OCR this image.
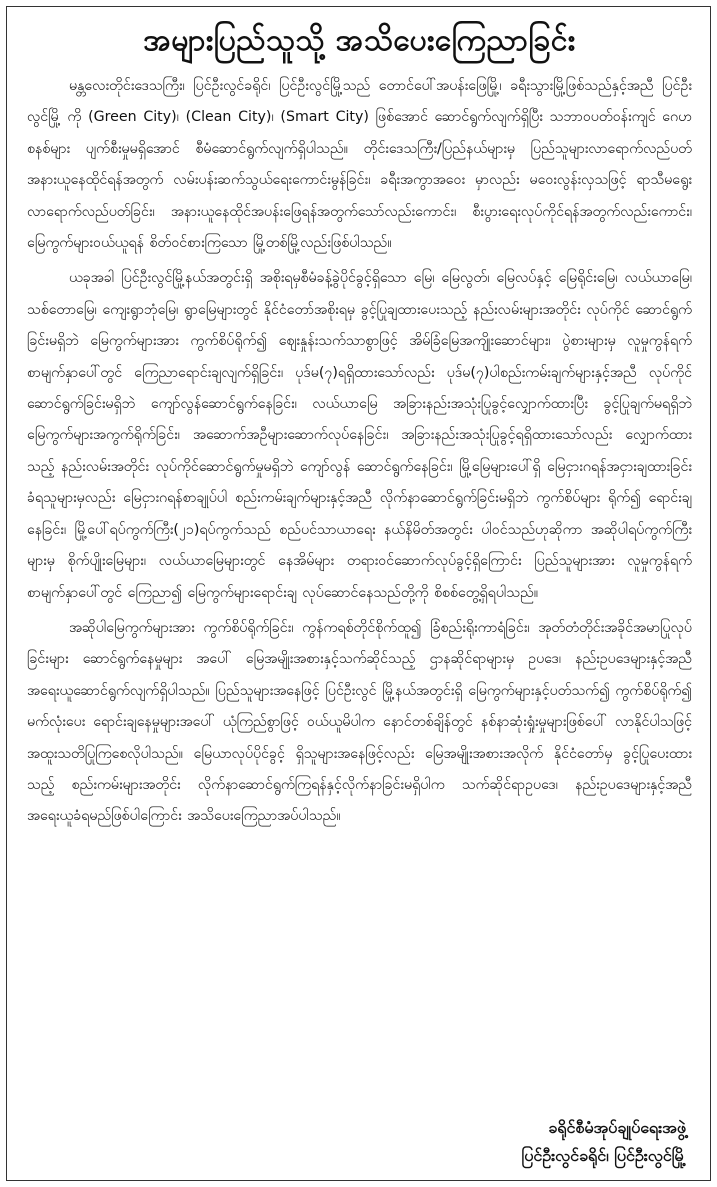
အများပြည်သူသို့ အသိပေးကြေညာခြင်း

မန္တလေးတိုင်းဒေသကြီး၊ ပြင်ဦးလွင်ခရိုင်၊ ပြင်ဦးလွင်မြို့သည် တောင်ပေါ်အပန်းဖြေမြို့၊ ခရီးသွားမြို့ဖြစ်သည်နှင့်အညီ ပြင်ဦးလွင်မြို့ ကို (Green City)၊ (Clean City)၊ (Smart City) ဖြစ်အောင် ဆောင်ရွက်လျက်ရှိပြီး သဘာဝပတ်ဝန်းကျင် ဂေဟစနစ်များ ပျက်စီးမှုမရှိအောင် စီမံဆောင်ရွက်လျက်ရှိပါသည်။ တိုင်းဒေသကြီး/ပြည်နယ်များမှ ပြည်သူများလာရောက်လည်ပတ်အနားယူနေထိုင်ရန်အတွက် လမ်းပန်းဆက်သွယ်ရေးကောင်းမွန်ခြင်း၊ ခရီးအကွာအဝေး မှာလည်း မဝေးလွန်းလှသဖြင့် ရာသီမရွေး လာရောက်လည်ပတ်ခြင်း၊ အနားယူနေထိုင်အပန်းဖြေရန်အတွက်သော်လည်းကောင်း၊ စီးပွားရေးလုပ်ကိုင်ရန်အတွက်လည်းကောင်း၊ မြေကွက်များဝယ်ယူရန် စိတ်ဝင်စားကြသော မြို့တစ်မြို့လည်းဖြစ်ပါသည်။

ယခုအခါ ပြင်ဦးလွင်မြို့နယ်အတွင်းရှိ အစိုးရမှစီမံခန့်ခွဲပိုင်ခွင့်ရှိသော မြေ၊ မြေလွတ်၊ မြေလပ်နှင့် မြေရိုင်းမြေ၊ လယ်ယာမြေ၊ သစ်တောမြေ၊ ကျေးရွာဘုံမြေ၊ ရွာမြေများတွင် နိုင်ငံတော်အစိုးရမှ ခွင့်ပြုချထားပေးသည့် နည်းလမ်းများအတိုင်း လုပ်ကိုင် ဆောင်ရွက်ခြင်းမရှိဘဲ မြေကွက်များအား ကွက်စိပ်ရိုက်၍ ဈေးနှုန်းသက်သာစွာဖြင့် အိမ်ခြံမြေအကျိုးဆောင်များ၊ ပွဲစားများမှ လူမှုကွန်ရက်စာမျက်နှာပေါ်တွင် ကြေညာရောင်းချလျက်ရှိခြင်း၊ ပုဒ်မ(၇)ရရှိထားသော်လည်း ပုဒ်မ(၇)ပါစည်းကမ်းချက်များနှင့်အညီ လုပ်ကိုင်ဆောင်ရွက်ခြင်းမရှိဘဲ ကျော်လွန်ဆောင်ရွက်နေခြင်း၊ လယ်ယာမြေ အခြားနည်းအသုံးပြုခွင့်လျှောက်ထားပြီး ခွင့်ပြုချက်မရရှိဘဲ မြေကွက်များအကွက်ရိုက်ခြင်း၊ အဆောက်အဦများဆောက်လုပ်နေခြင်း၊ အခြားနည်းအသုံးပြုခွင့်ရရှိထားသော်လည်း လျှောက်ထားသည့် နည်းလမ်းအတိုင်း လုပ်ကိုင်ဆောင်ရွက်မှုမရှိဘဲ ကျော်လွန် ဆောင်ရွက်နေခြင်း၊ မြို့မြေများပေါ်ရှိ မြေငှားဂရန်အငှားချထားခြင်းခံရသူများမှလည်း မြေငှားဂရန်စာချုပ်ပါ စည်းကမ်းချက်များနှင့်အညီ လိုက်နာဆောင်ရွက်ခြင်းမရှိဘဲ ကွက်စိပ်များ ရိုက်၍ ရောင်းချနေခြင်း၊ မြို့ပေါ်ရပ်ကွက်ကြီး(၂၁)ရပ်ကွက်သည် စည်ပင်သာယာရေး နယ်နိမိတ်အတွင်း ပါဝင်သည်ဟုဆိုကာ အဆိုပါရပ်ကွက်ကြီးများမှ စိုက်ပျိုးမြေများ၊ လယ်ယာမြေများတွင် နေအိမ်များ တရားဝင်ဆောက်လုပ်ခွင့်ရှိကြောင်း ပြည်သူများအား လူမှုကွန်ရက်စာမျက်နှာပေါ်တွင် ကြေညာ၍ မြေကွက်များရောင်းချ လုပ်ဆောင်နေသည်တို့ကို စိစစ်တွေ့ရှိရပါသည်။

အဆိုပါမြေကွက်များအား ကွက်စိပ်ရိုက်ခြင်း၊ ကွန်ကရစ်တိုင်စိုက်ထူ၍ ခြံစည်းရိုးကာရံခြင်း၊ အုတ်တံတိုင်းအခိုင်အမာပြုလုပ်ခြင်းများ ဆောင်ရွက်နေမှုများ အပေါ် မြေအမျိုးအစားနှင့်သက်ဆိုင်သည့် ဌာနဆိုင်ရာများမှ ဥပဒေ၊ နည်းဥပဒေများနှင့်အညီ အရေးယူဆောင်ရွက်လျက်ရှိပါသည်။ ပြည်သူများအနေဖြင့် ပြင်ဦးလွင် မြို့နယ်အတွင်းရှိ မြေကွက်များနှင့်ပတ်သက်၍ ကွက်စိပ်ရိုက်၍ မက်လုံးပေး ရောင်းချနေမှုများအပေါ် ယုံကြည်စွာဖြင့် ဝယ်ယူမိပါက နောင်တစ်ချိန်တွင် နစ်နာဆုံးရှုံးမှုများဖြစ်ပေါ် လာနိုင်ပါသဖြင့် အထူးသတိပြုကြစေလိုပါသည်။ မြေယာလုပ်ပိုင်ခွင့် ရှိသူများအနေဖြင့်လည်း မြေအမျိုးအစားအလိုက် နိုင်ငံတော်မှ ခွင့်ပြုပေးထားသည့် စည်းကမ်းများအတိုင်း လိုက်နာဆောင်ရွက်ကြရန်နှင့်လိုက်နာခြင်းမရှိပါက သက်ဆိုင်ရာဥပဒေ၊ နည်းဥပဒေများနှင့်အညီ အရေးယူခံရမည်ဖြစ်ပါကြောင်း အသိပေးကြေညာအပ်ပါသည်။

ခရိုင်စီမံအုပ်ချုပ်ရေးအဖွဲ့
ပြင်ဦးလွင်ခရိုင်၊ ပြင်ဦးလွင်မြို့
